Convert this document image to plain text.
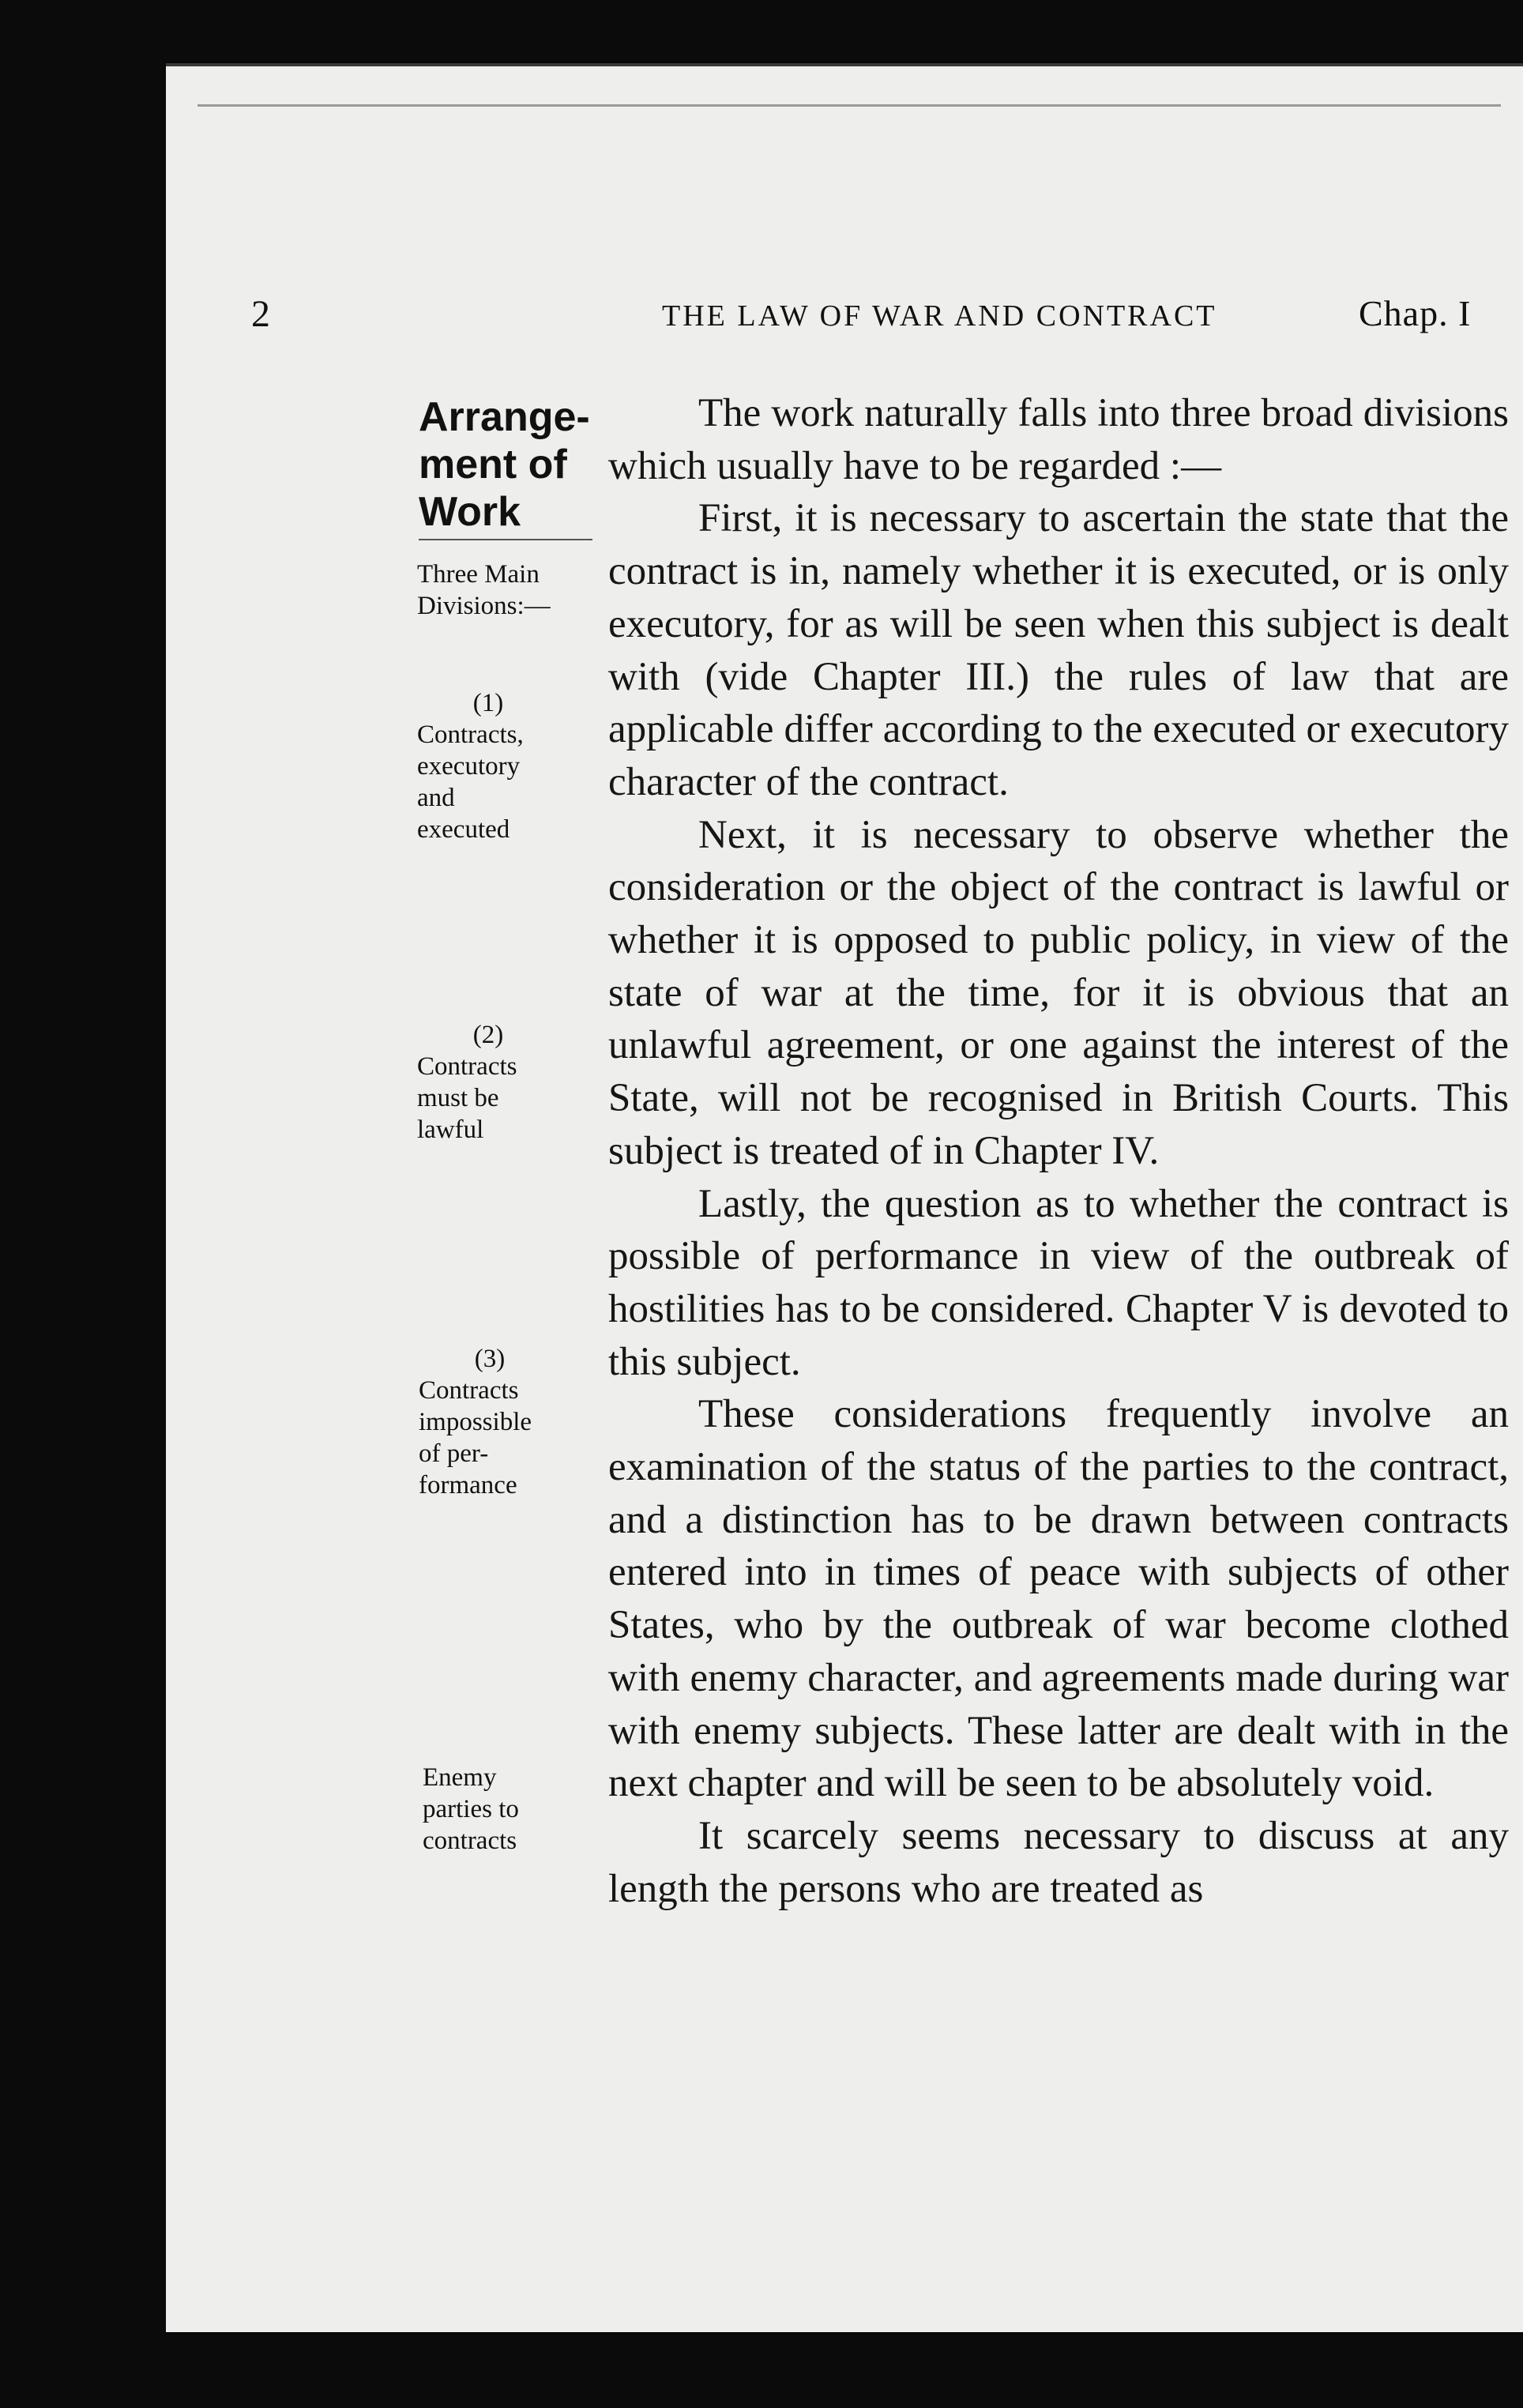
2	THE LAW OF WAR AND CONTRACT	Chap. I
Arrange-
ment of
Work
Three Main
Divisions:—
(1)
Contracts,
executory
and
executed
(2)
Contracts
must be
lawful
(3)
Contracts
impossible
of per-
formance
Enemy
parties to
contracts

The work naturally falls into three broad divisions which usually have to be regarded :—

First, it is necessary to ascertain the state that the contract is in, namely whether it is executed, or is only executory, for as will be seen when this subject is dealt with (vide Chapter III.) the rules of law that are applicable differ according to the executed or executory character of the contract.

Next, it is necessary to observe whether the consideration or the object of the contract is lawful or whether it is opposed to public policy, in view of the state of war at the time, for it is obvious that an unlawful agreement, or one against the interest of the State, will not be recognised in British Courts. This subject is treated of in Chapter IV.

Lastly, the question as to whether the contract is possible of performance in view of the outbreak of hostilities has to be considered. Chapter V is devoted to this subject.

These considerations frequently involve an examination of the status of the parties to the contract, and a distinction has to be drawn between contracts entered into in times of peace with subjects of other States, who by the outbreak of war become clothed with enemy character, and agreements made during war with enemy subjects. These latter are dealt with in the next chapter and will be seen to be absolutely void.

It scarcely seems necessary to discuss at any length the persons who are treated as
